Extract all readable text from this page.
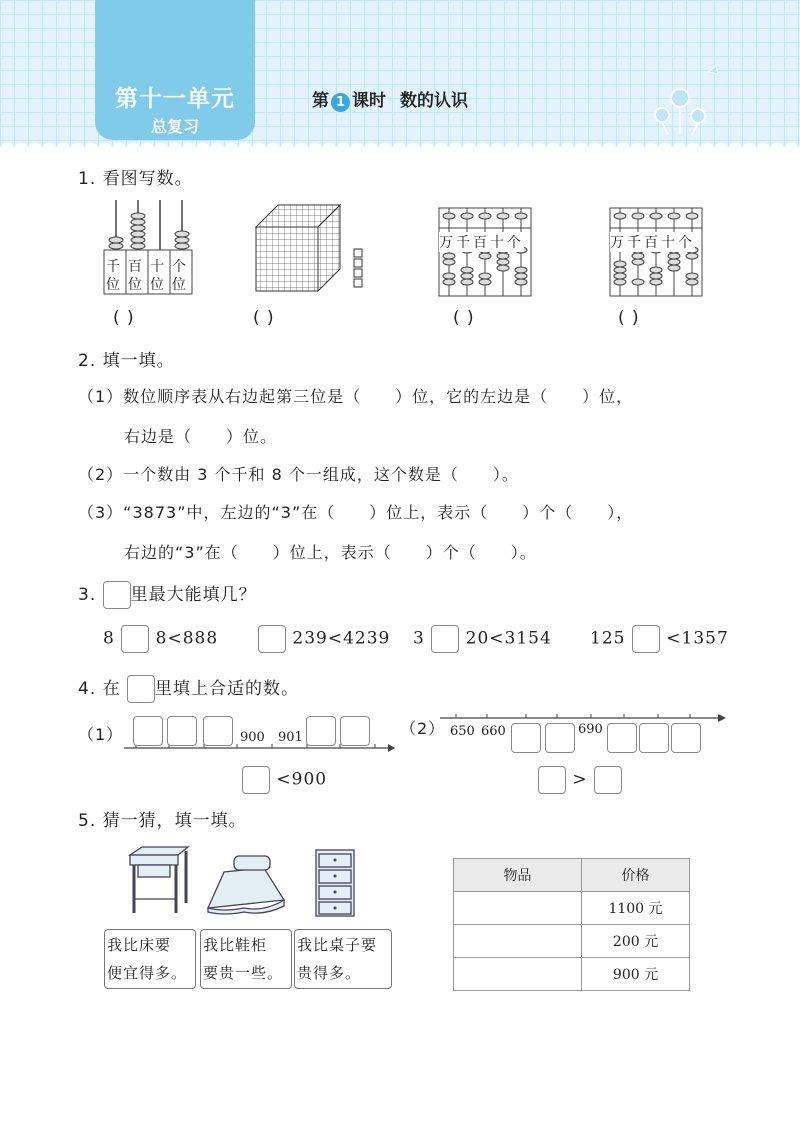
第十一单元
总复习
第 1 课时 数的认识
1. 看图写数。
千位
百位
十位
个位
万千百十个	万千百十个
( )	( )	( )	( )
2. 填一填。
（1）数位顺序表从右边起第三位是（　　）位，它的左边是（　　）位，
右边是（　　）位。
（2）一个数由 3 个千和 8 个一组成，这个数是（　　）。
（3）“3873”中，左边的“3”在（　　）位上，表示（　　）个（　　），
右边的“3”在（　　）位上，表示（　　）个（　　）。
3. 里最大能填几？
8 8<888	239<4239 3 20<3154 125 <1357
4. 在 里填上合适的数。
（1）	900 901
<900
（2） 650 660	690
>
5. 猜一猜，填一填。
我比床要
便宜得多。
我比鞋柜
要贵一些。
我比桌子要
贵得多。
物品	价格
	1100 元
	200 元
	900 元
